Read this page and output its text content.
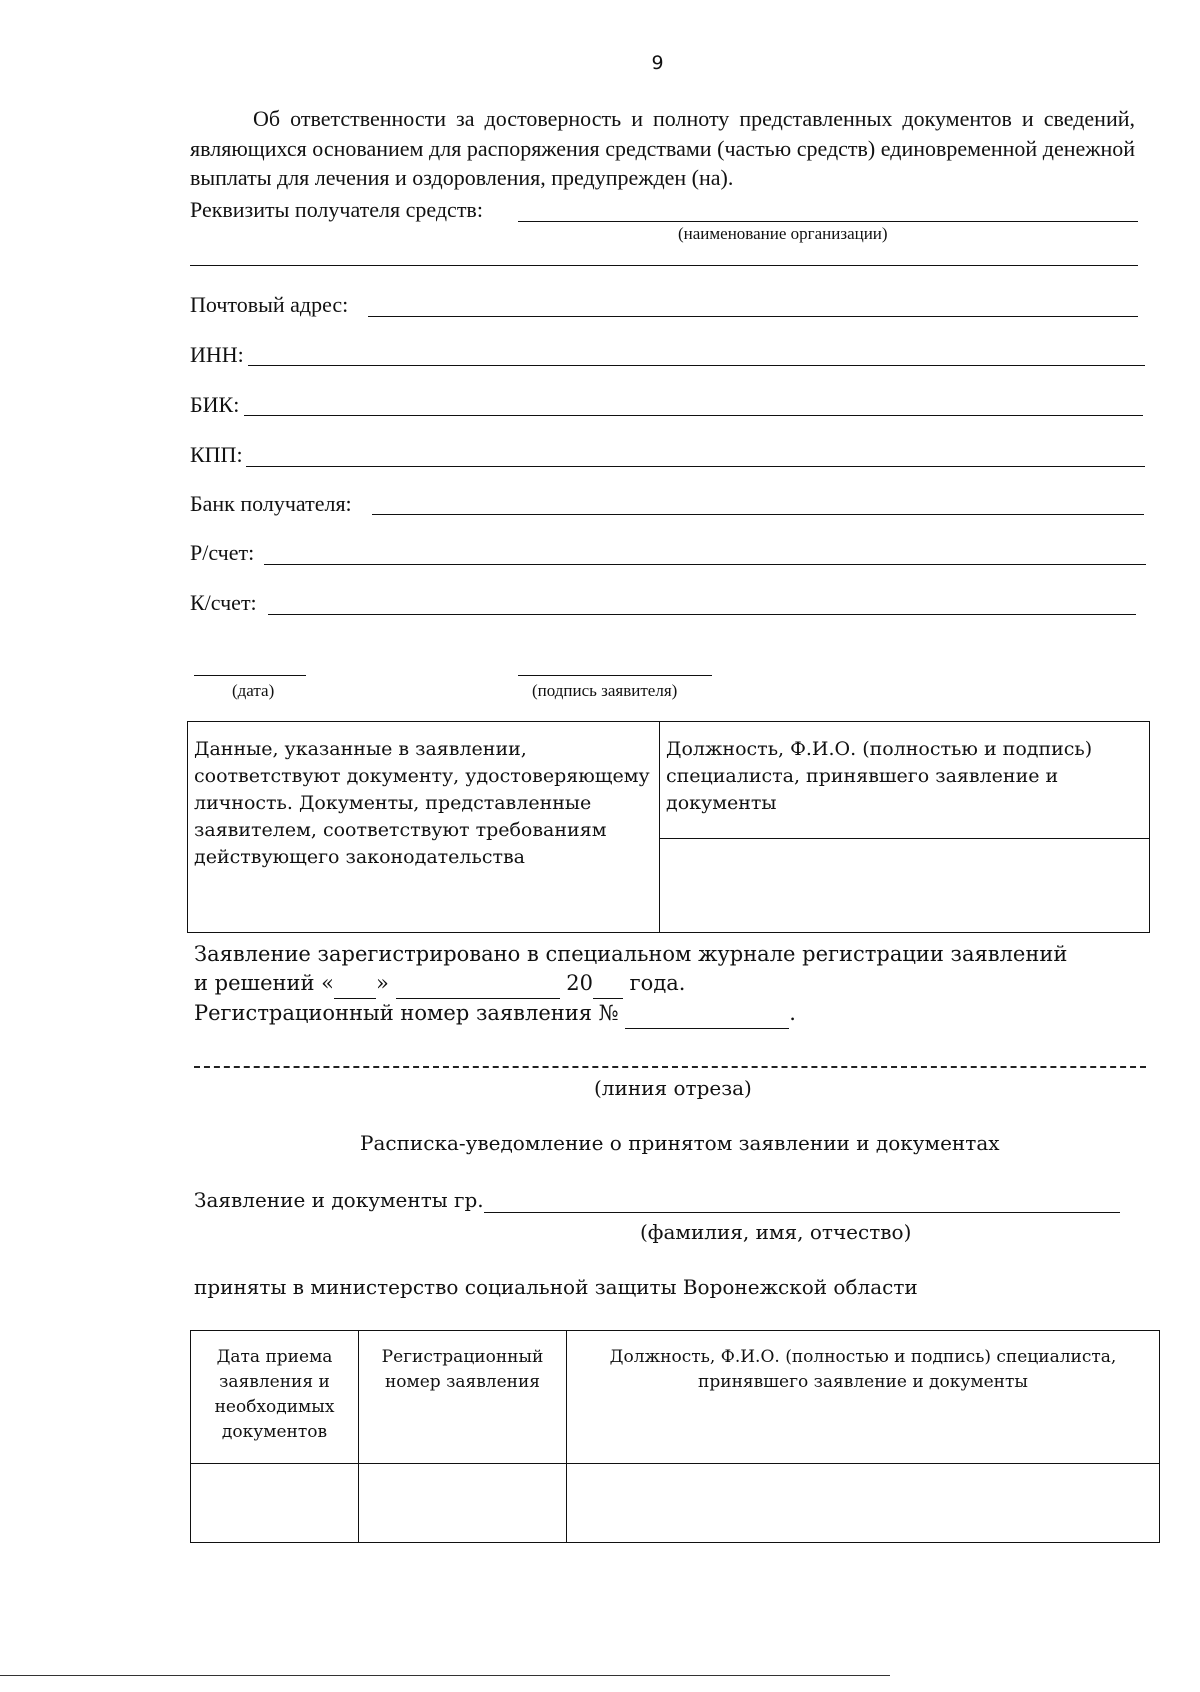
9
Об ответственности за достоверность и полноту представленных документов и сведений, являющихся основанием для распоряжения средствами (частью средств) единовременной денежной выплаты для лечения и оздоровления, предупрежден (на).
Реквизиты получателя средств:
(наименование организации)
Почтовый адрес:
ИНН:
БИК:
КПП:
Банк получателя:
Р/счет:
К/счет:
(дата)	(подпись заявителя)
Данные, указанные в заявлении, соответствуют документу, удостоверяющему личность. Документы, представленные заявителем, соответствуют требованиям действующего законодательства	Должность, Ф.И.О. (полностью и подпись) специалиста, принявшего заявление и документы

Заявление зарегистрировано в специальном журнале регистрации заявлений
и решений « »	20 года.
Регистрационный номер заявления №	.
(линия отреза)
Расписка-уведомление о принятом заявлении и документах
Заявление и документы гр.
(фамилия, имя, отчество)
приняты в министерство социальной защиты Воронежской области
Дата приема заявления и необходимых документов	Регистрационный номер заявления	Должность, Ф.И.О. (полностью и подпись) специалиста, принявшего заявление и документы
